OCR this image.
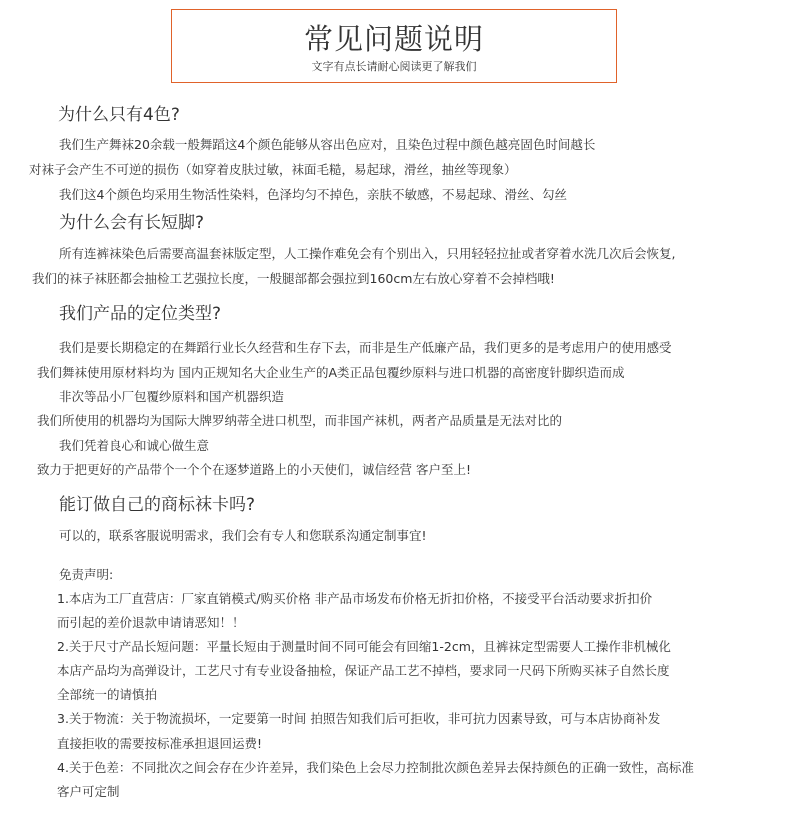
常见问题说明
文字有点长请耐心阅读更了解我们
为什么只有4色?
我们生产舞袜20余载一般舞蹈这4个颜色能够从容出色应对，且染色过程中颜色越亮固色时间越长
对袜子会产生不可逆的损伤（如穿着皮肤过敏，袜面毛糙，易起球，滑丝，抽丝等现象）
我们这4个颜色均采用生物活性染料，色泽均匀不掉色，亲肤不敏感，不易起球、滑丝、勾丝
为什么会有长短脚?
所有连裤袜染色后需要高温套袜版定型，人工操作难免会有个别出入，只用轻轻拉扯或者穿着水洗几次后会恢复,
我们的袜子袜胚都会抽检工艺强拉长度，一般腿部都会强拉到160cm左右放心穿着不会掉档哦!
我们产品的定位类型?
我们是要长期稳定的在舞蹈行业长久经营和生存下去，而非是生产低廉产品，我们更多的是考虑用户的使用感受
我们舞袜使用原材料均为 国内正规知名大企业生产的A类正品包覆纱原料与进口机器的高密度针脚织造而成
非次等品小厂包覆纱原料和国产机器织造
我们所使用的机器均为国际大牌罗纳蒂全进口机型，而非国产袜机，两者产品质量是无法对比的
我们凭着良心和诚心做生意
致力于把更好的产品带个一个个在逐梦道路上的小天使们，诚信经营 客户至上!
能订做自己的商标袜卡吗?
可以的，联系客服说明需求，我们会有专人和您联系沟通定制事宜!
免责声明:
1.本店为工厂直营店：厂家直销模式/购买价格 非产品市场发布价格无折扣价格，不接受平台活动要求折扣价
而引起的差价退款申请请恶知！！
2.关于尺寸产品长短问题：平量长短由于测量时间不同可能会有回缩1-2cm，且裤袜定型需要人工操作非机械化
本店产品均为高弹设计，工艺尺寸有专业设备抽检，保证产品工艺不掉档，要求同一尺码下所购买袜子自然长度
全部统一的请慎拍
3.关于物流：关于物流损坏，一定要第一时间 拍照告知我们后可拒收，非可抗力因素导致，可与本店协商补发
直接拒收的需要按标准承担退回运费!
4.关于色差：不同批次之间会存在少许差异，我们染色上会尽力控制批次颜色差异去保持颜色的正确一致性，高标准
客户可定制
